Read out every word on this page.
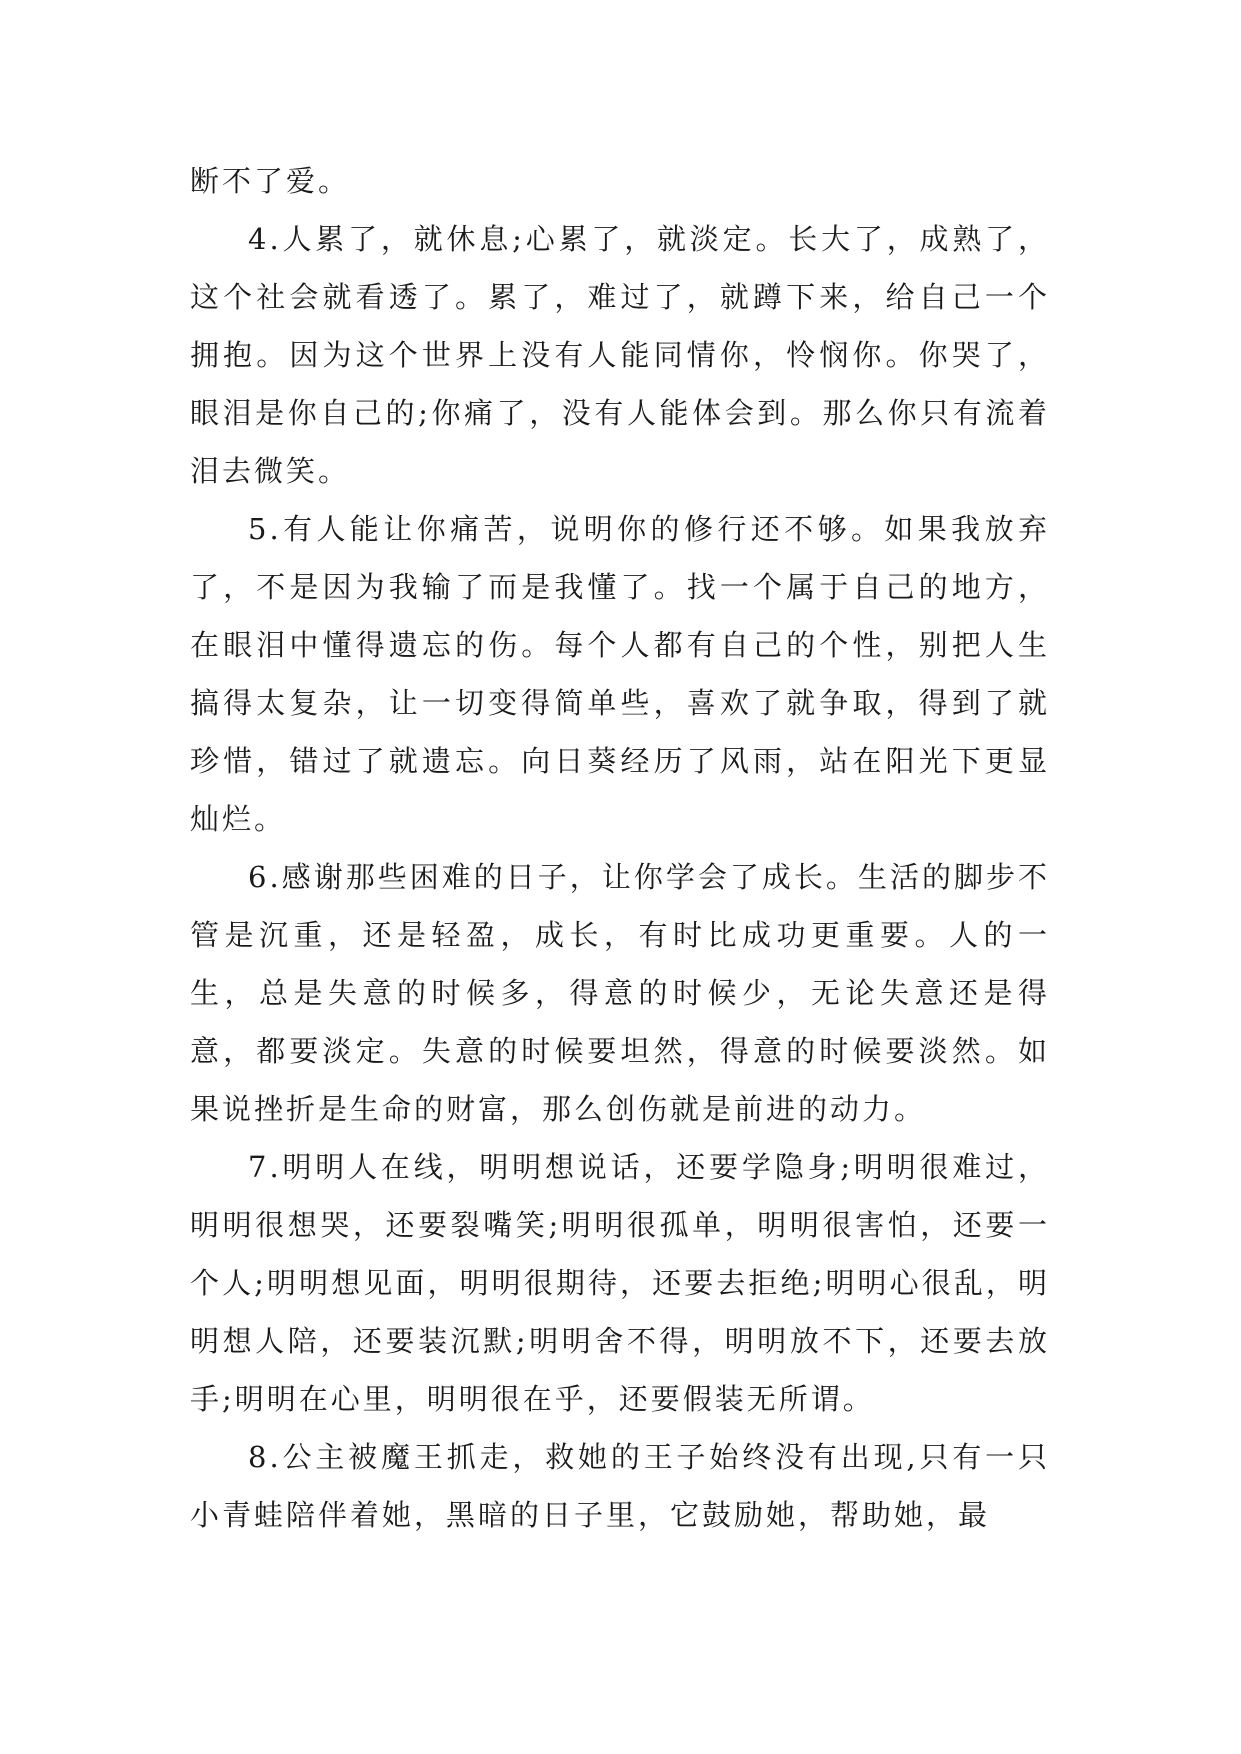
断不了爱。

4.人累了，就休息;心累了，就淡定。长大了，成熟了，这个社会就看透了。累了，难过了，就蹲下来，给自己一个拥抱。因为这个世界上没有人能同情你，怜悯你。你哭了，眼泪是你自己的;你痛了，没有人能体会到。那么你只有流着泪去微笑。

5.有人能让你痛苦，说明你的修行还不够。如果我放弃了，不是因为我输了而是我懂了。找一个属于自己的地方，在眼泪中懂得遗忘的伤。每个人都有自己的个性，别把人生搞得太复杂，让一切变得简单些，喜欢了就争取，得到了就珍惜，错过了就遗忘。向日葵经历了风雨，站在阳光下更显灿烂。

6.感谢那些困难的日子，让你学会了成长。生活的脚步不管是沉重，还是轻盈，成长，有时比成功更重要。人的一生，总是失意的时候多，得意的时候少，无论失意还是得意，都要淡定。失意的时候要坦然，得意的时候要淡然。如果说挫折是生命的财富，那么创伤就是前进的动力。

7.明明人在线，明明想说话，还要学隐身;明明很难过，明明很想哭，还要裂嘴笑;明明很孤单，明明很害怕，还要一个人;明明想见面，明明很期待，还要去拒绝;明明心很乱，明明想人陪，还要装沉默;明明舍不得，明明放不下，还要去放手;明明在心里，明明很在乎，还要假装无所谓。

8.公主被魔王抓走，救她的王子始终没有出现,只有一只小青蛙陪伴着她，黑暗的日子里，它鼓励她，帮助她，最
